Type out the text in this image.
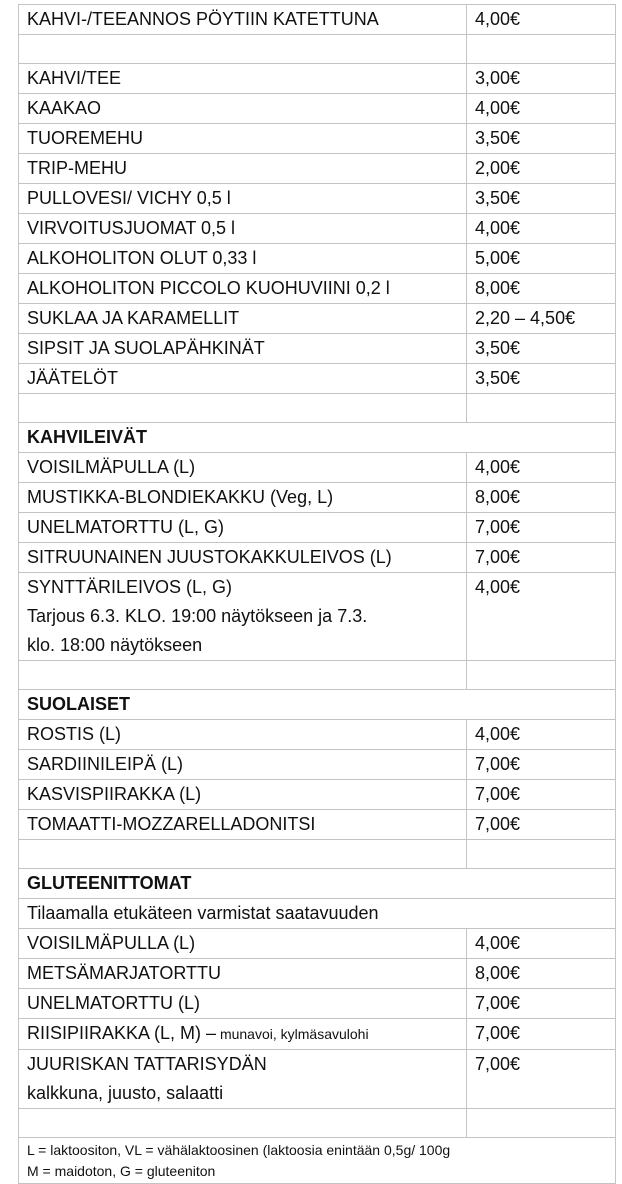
KAHVI-/TEEANNOS PÖYTIIN KATETTUNA	4,00€

KAHVI/TEE	3,00€
KAAKAO	4,00€
TUOREMEHU	3,50€
TRIP-MEHU	2,00€
PULLOVESI/ VICHY 0,5 l	3,50€
VIRVOITUSJUOMAT 0,5 l	4,00€
ALKOHOLITON OLUT 0,33 l	5,00€
ALKOHOLITON PICCOLO KUOHUVIINI 0,2 l	8,00€
SUKLAA JA KARAMELLIT	2,20 – 4,50€
SIPSIT JA SUOLAPÄHKINÄT	3,50€
JÄÄTELÖT	3,50€

KAHVILEIVÄT	
VOISILMÄPULLA (L)	4,00€
MUSTIKKA-BLONDIEKAKKU (Veg, L)	8,00€
UNELMATORTTU (L, G)	7,00€
SITRUUNAINEN JUUSTOKAKKULEIVOS (L)	7,00€

SYNTTÄRILEIVOS (L, G)
Tarjous 6.3. KLO. 19:00 näytökseen ja 7.3.
klo. 18:00 näytökseen	4,00€

SUOLAISET	
ROSTIS (L)	4,00€
SARDIINILEIPÄ (L)	7,00€
KASVISPIIRAKKA (L)	7,00€
TOMAATTI-MOZZARELLADONITSI	7,00€

GLUTEENITTOMAT	
Tilaamalla etukäteen varmistat saatavuuden	
VOISILMÄPULLA (L)	4,00€
METSÄMARJATORTTU	8,00€
UNELMATORTTU (L)	7,00€
RIISIPIIRAKKA (L, M) – munavoi, kylmäsavulohi	7,00€

JUURISKAN TATTARISYDÄN
kalkkuna, juusto, salaatti	7,00€

L = laktoositon, VL = vähälaktoosinen (laktoosia enintään 0,5g/ 100g
M = maidoton, G = gluteeniton	
